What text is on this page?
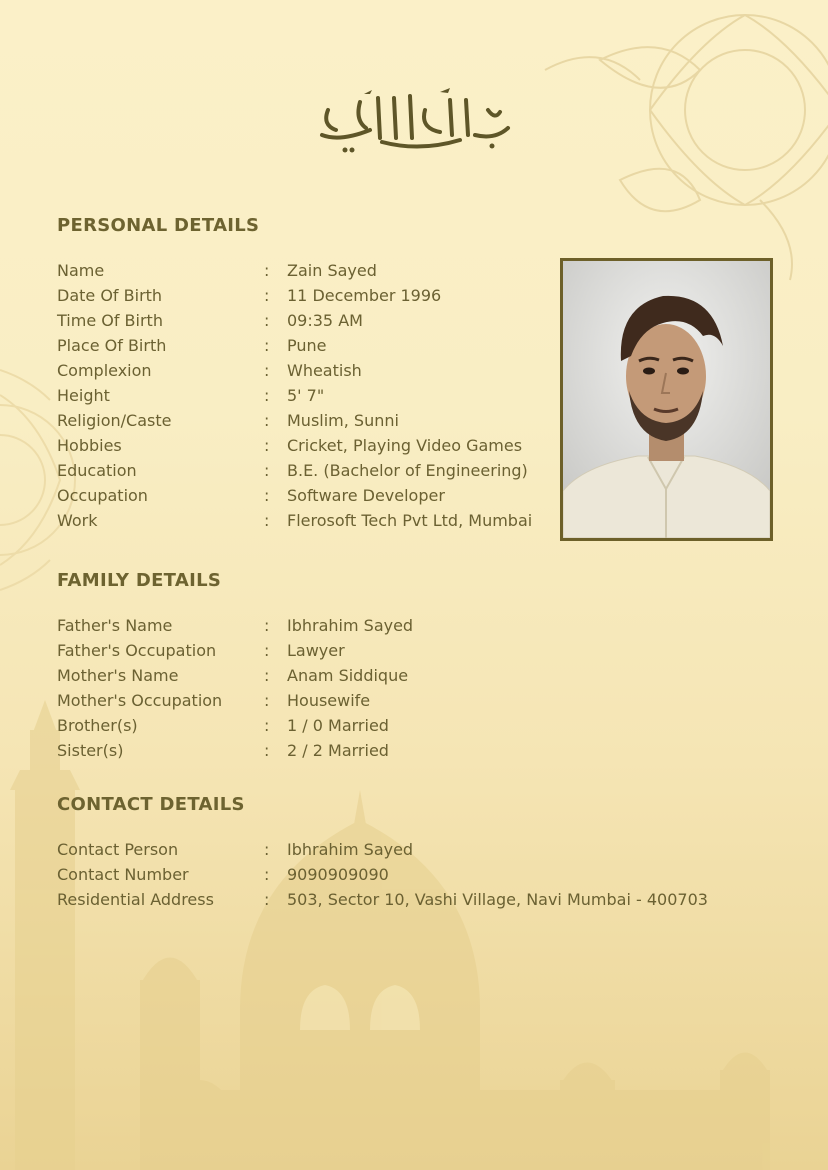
PERSONAL DETAILS
Name	: Zain Sayed
Date Of Birth	: 11 December 1996
Time Of Birth	: 09:35 AM
Place Of Birth	: Pune
Complexion	: Wheatish
Height	: 5' 7"
Religion/Caste	: Muslim, Sunni
Hobbies	: Cricket, Playing Video Games
Education	: B.E. (Bachelor of Engineering)
Occupation	: Software Developer
Work	: Flerosoft Tech Pvt Ltd, Mumbai
FAMILY DETAILS
Father's Name	: Ibhrahim Sayed
Father's Occupation	: Lawyer
Mother's Name	: Anam Siddique
Mother's Occupation	: Housewife
Brother(s)	: 1 / 0 Married
Sister(s)	: 2 / 2 Married
CONTACT DETAILS
Contact Person	: Ibhrahim Sayed
Contact Number	: 9090909090
Residential Address	: 503, Sector 10, Vashi Village, Navi Mumbai - 400703
